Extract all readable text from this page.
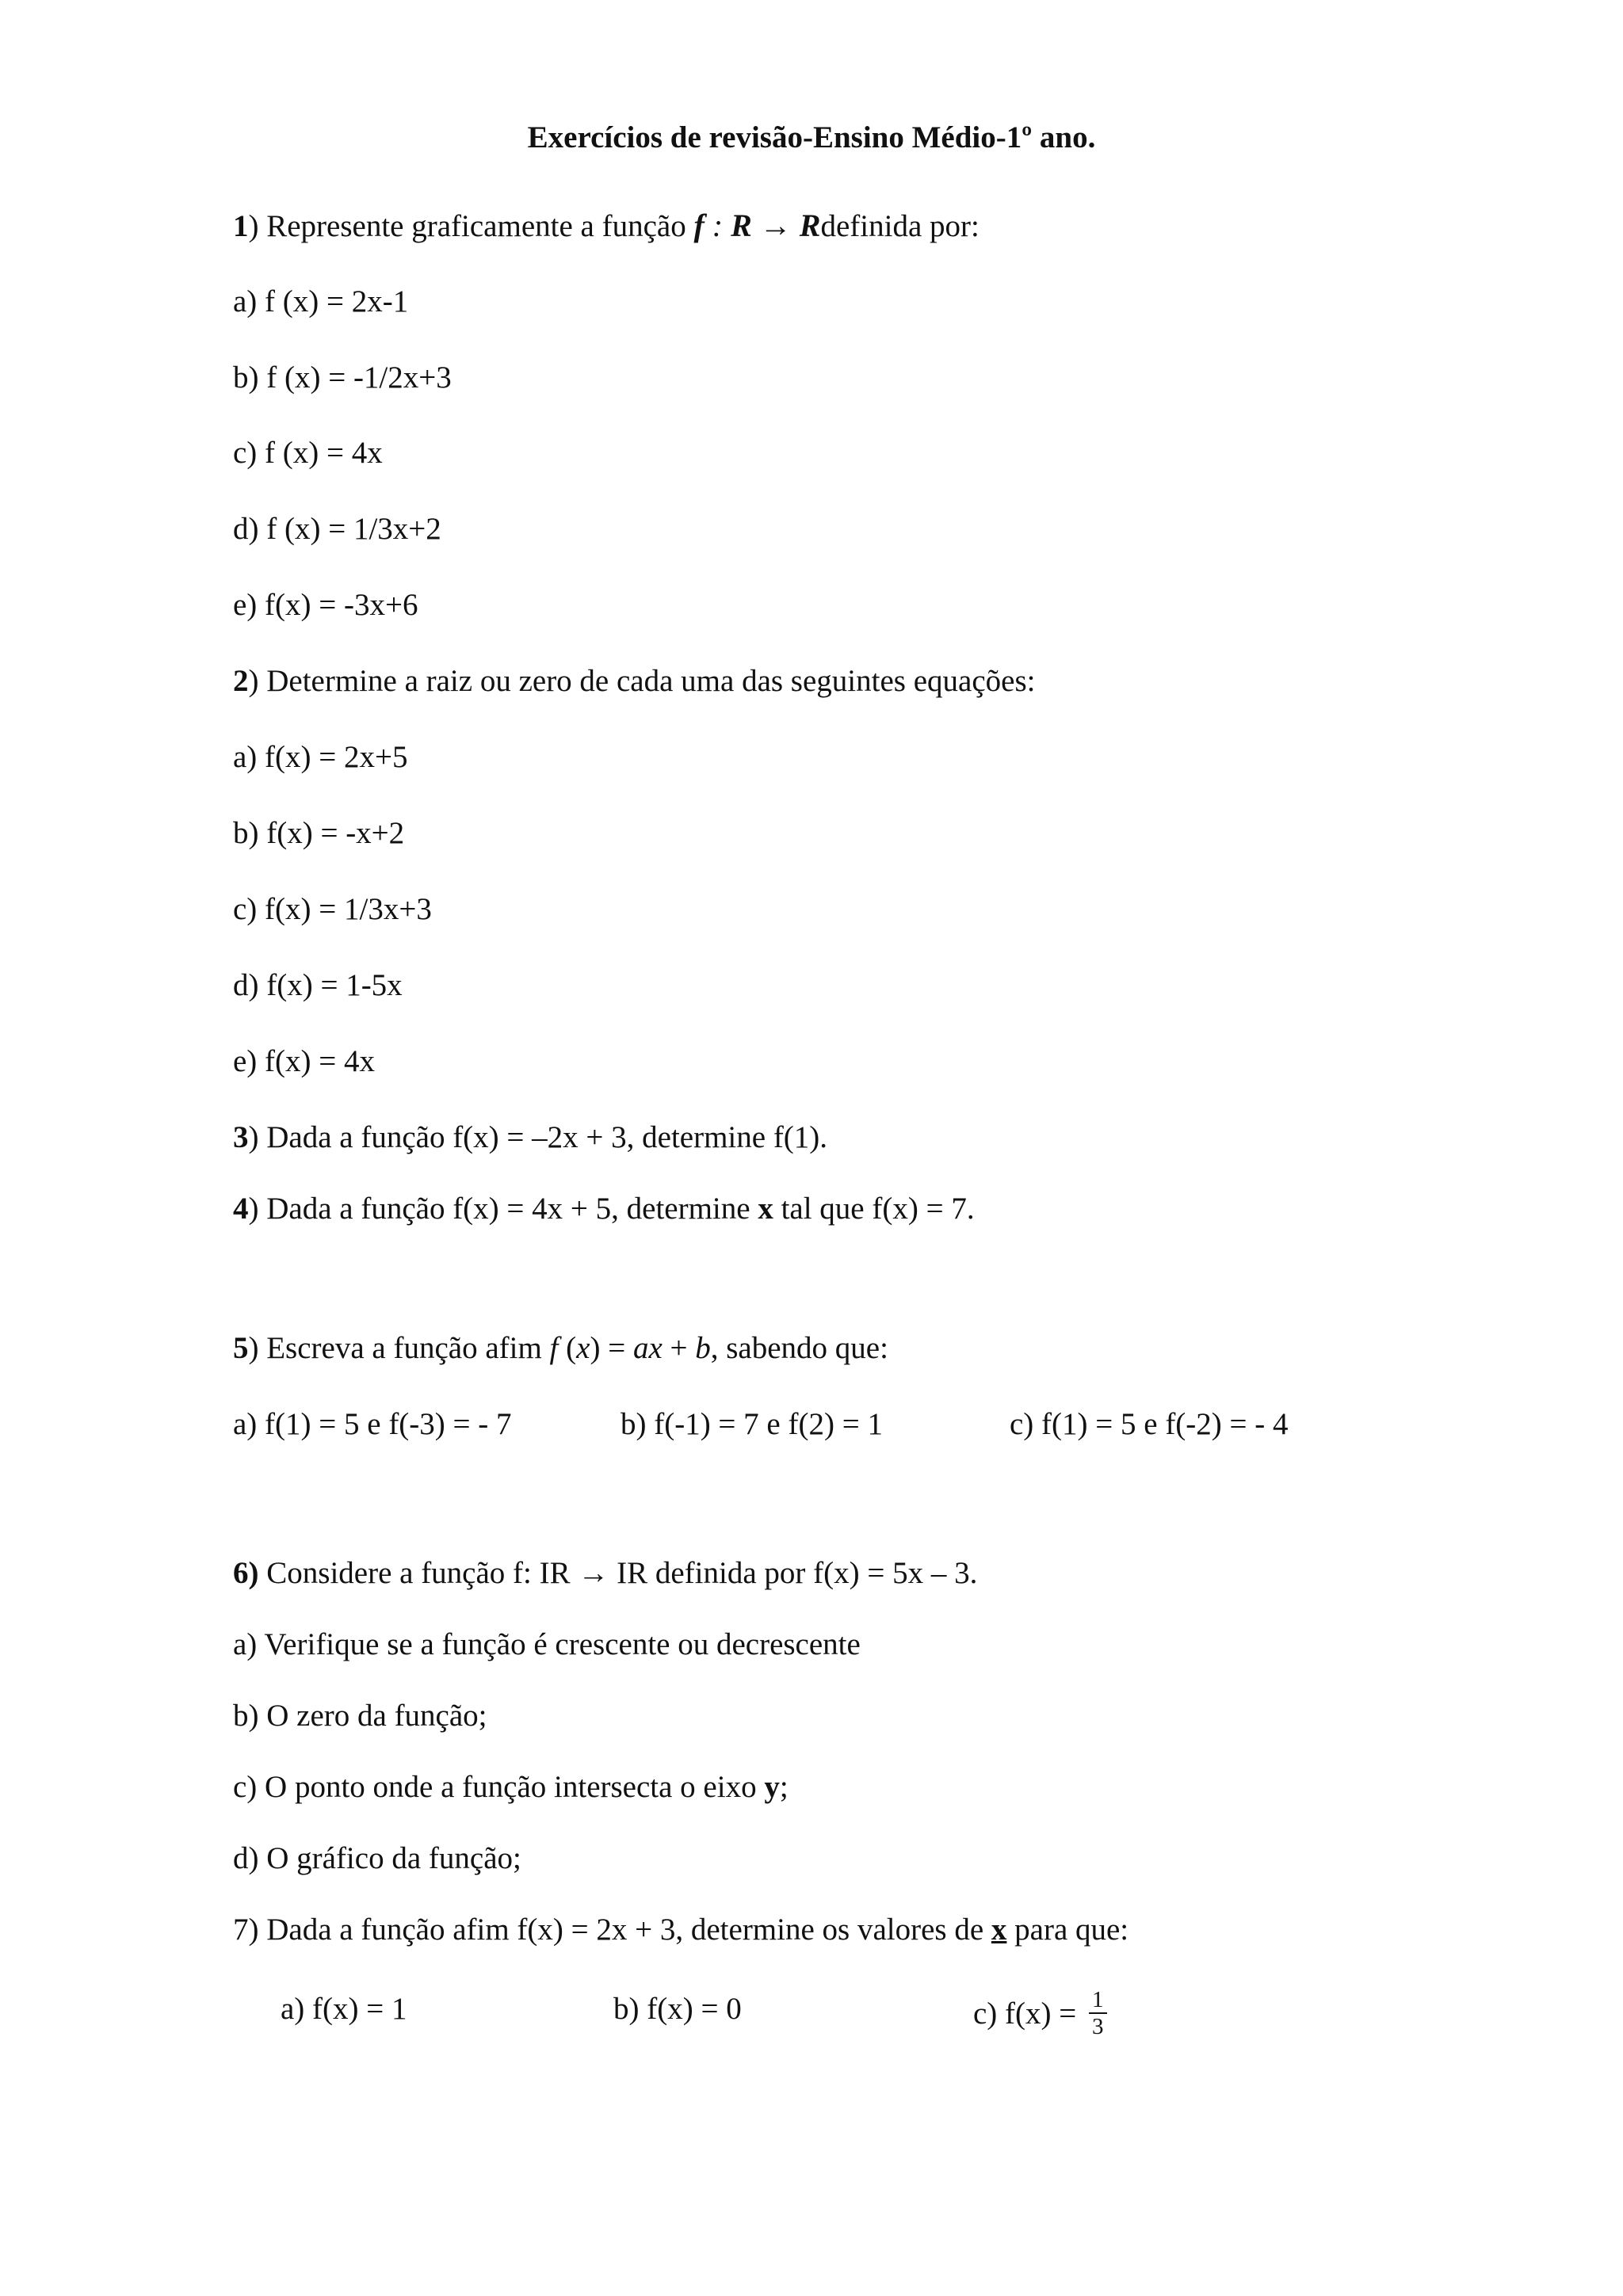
Exercícios de revisão-Ensino Médio-1º ano.
1) Represente graficamente a função f : R → Rdefinida por:
a) f (x) = 2x-1
b) f (x) = -1/2x+3
c) f (x) = 4x
d) f (x) = 1/3x+2
e) f(x) = -3x+6
2) Determine a raiz ou zero de cada uma das seguintes equações:
a) f(x) = 2x+5
b) f(x) = -x+2
c) f(x) = 1/3x+3
d) f(x) = 1-5x
e) f(x) = 4x
3) Dada a função f(x) = –2x + 3, determine f(1).
4) Dada a função f(x) = 4x + 5, determine x tal que f(x) = 7.
5) Escreva a função afim f (x) = ax + b, sabendo que:
a) f(1) = 5 e f(-3) = - 7	b) f(-1) = 7 e f(2) = 1	c) f(1) = 5 e f(-2) = - 4
6) Considere a função f: IR → IR definida por f(x) = 5x – 3.
a) Verifique se a função é crescente ou decrescente
b) O zero da função;
c) O ponto onde a função intersecta o eixo y;
d) O gráfico da função;
7) Dada a função afim f(x) = 2x + 3, determine os valores de x para que:
a) f(x) = 1	b) f(x) = 0	c) $f(x) = \frac{1}{3}$
